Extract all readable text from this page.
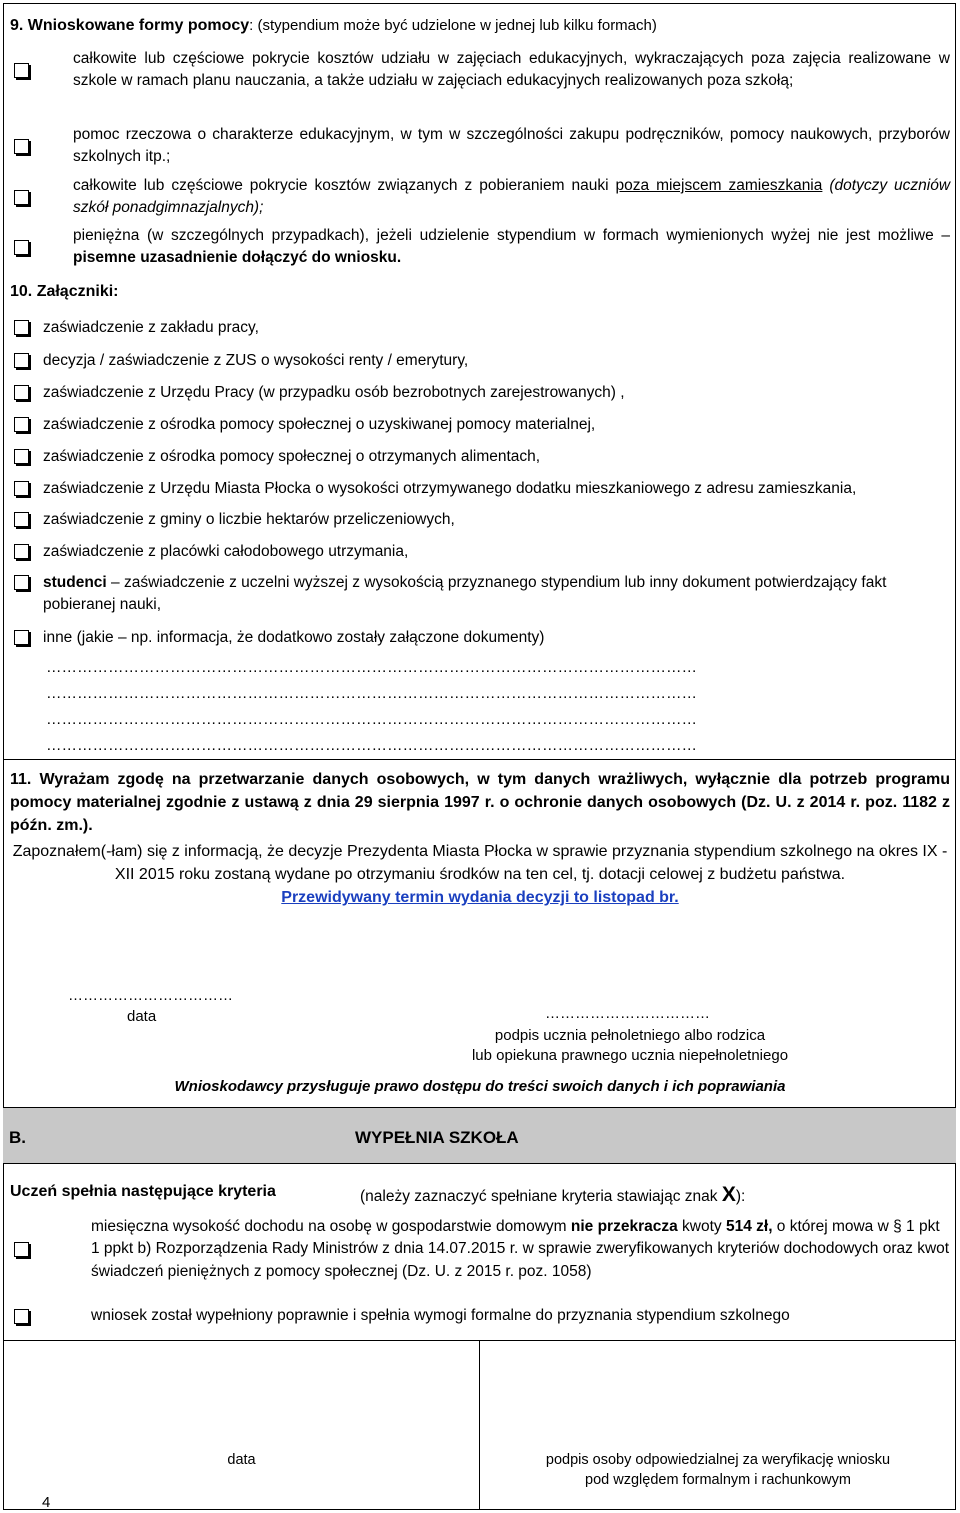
9. Wnioskowane formy pomocy: (stypendium może być udzielone w jednej lub kilku formach)
całkowite lub częściowe pokrycie kosztów udziału w zajęciach edukacyjnych, wykraczających poza zajęcia realizowane w szkole w ramach planu nauczania, a także udziału w zajęciach edukacyjnych realizowanych poza szkołą;
pomoc rzeczowa o charakterze edukacyjnym, w tym w szczególności zakupu podręczników, pomocy naukowych, przyborów szkolnych itp.;
całkowite lub częściowe pokrycie kosztów związanych z pobieraniem nauki poza miejscem zamieszkania (dotyczy uczniów szkół ponadgimnazjalnych);
pieniężna (w szczególnych przypadkach), jeżeli udzielenie stypendium w formach wymienionych wyżej nie jest możliwe – pisemne uzasadnienie dołączyć do wniosku.
10. Załączniki:
zaświadczenie z zakładu pracy,
decyzja / zaświadczenie z ZUS o wysokości renty / emerytury,
zaświadczenie z Urzędu Pracy (w przypadku osób bezrobotnych zarejestrowanych) ,
zaświadczenie z ośrodka pomocy społecznej o uzyskiwanej pomocy materialnej,
zaświadczenie z ośrodka pomocy społecznej o otrzymanych alimentach,
zaświadczenie z Urzędu Miasta Płocka o wysokości otrzymywanego dodatku mieszkaniowego z adresu zamieszkania,
zaświadczenie z gminy o liczbie hektarów przeliczeniowych,
zaświadczenie z placówki całodobowego utrzymania,
studenci – zaświadczenie z uczelni wyższej z wysokością przyznanego stypendium lub inny dokument potwierdzający fakt pobieranej nauki,
inne (jakie – np. informacja, że dodatkowo zostały załączone dokumenty)
………………………………………………………………………………………………………………
………………………………………………………………………………………………………………
………………………………………………………………………………………………………………
………………………………………………………………………………………………………………
11. Wyrażam zgodę na przetwarzanie danych osobowych, w tym danych wrażliwych, wyłącznie dla potrzeb programu pomocy materialnej zgodnie z ustawą z dnia 29 sierpnia 1997 r. o ochronie danych osobowych (Dz. U. z 2014 r. poz. 1182 z późn. zm.).
Zapoznałem(-łam) się z informacją, że decyzje Prezydenta Miasta Płocka w sprawie przyznania stypendium szkolnego na okres IX - XII 2015 roku zostaną wydane po otrzymaniu środków na ten cel, tj. dotacji celowej z budżetu państwa.
Przewidywany termin wydania decyzji to listopad br.
……………………………
data	……………………………
podpis ucznia pełnoletniego albo rodzica
lub opiekuna prawnego ucznia niepełnoletniego
Wnioskodawcy przysługuje prawo dostępu do treści swoich danych i ich poprawiania
B.	WYPEŁNIA SZKOŁA
Uczeń spełnia następujące kryteria	(należy zaznaczyć spełniane kryteria stawiając znak X):
miesięczna wysokość dochodu na osobę w gospodarstwie domowym nie przekracza kwoty 514 zł, o której mowa w § 1 pkt 1 ppkt b) Rozporządzenia Rady Ministrów z dnia 14.07.2015 r. w sprawie zweryfikowanych kryteriów dochodowych oraz kwot świadczeń pieniężnych z pomocy społecznej (Dz. U. z 2015 r. poz. 1058)
wniosek został wypełniony poprawnie i spełnia wymogi formalne do przyznania stypendium szkolnego
data	podpis osoby odpowiedzialnej za weryfikację wniosku
pod względem formalnym i rachunkowym
4
